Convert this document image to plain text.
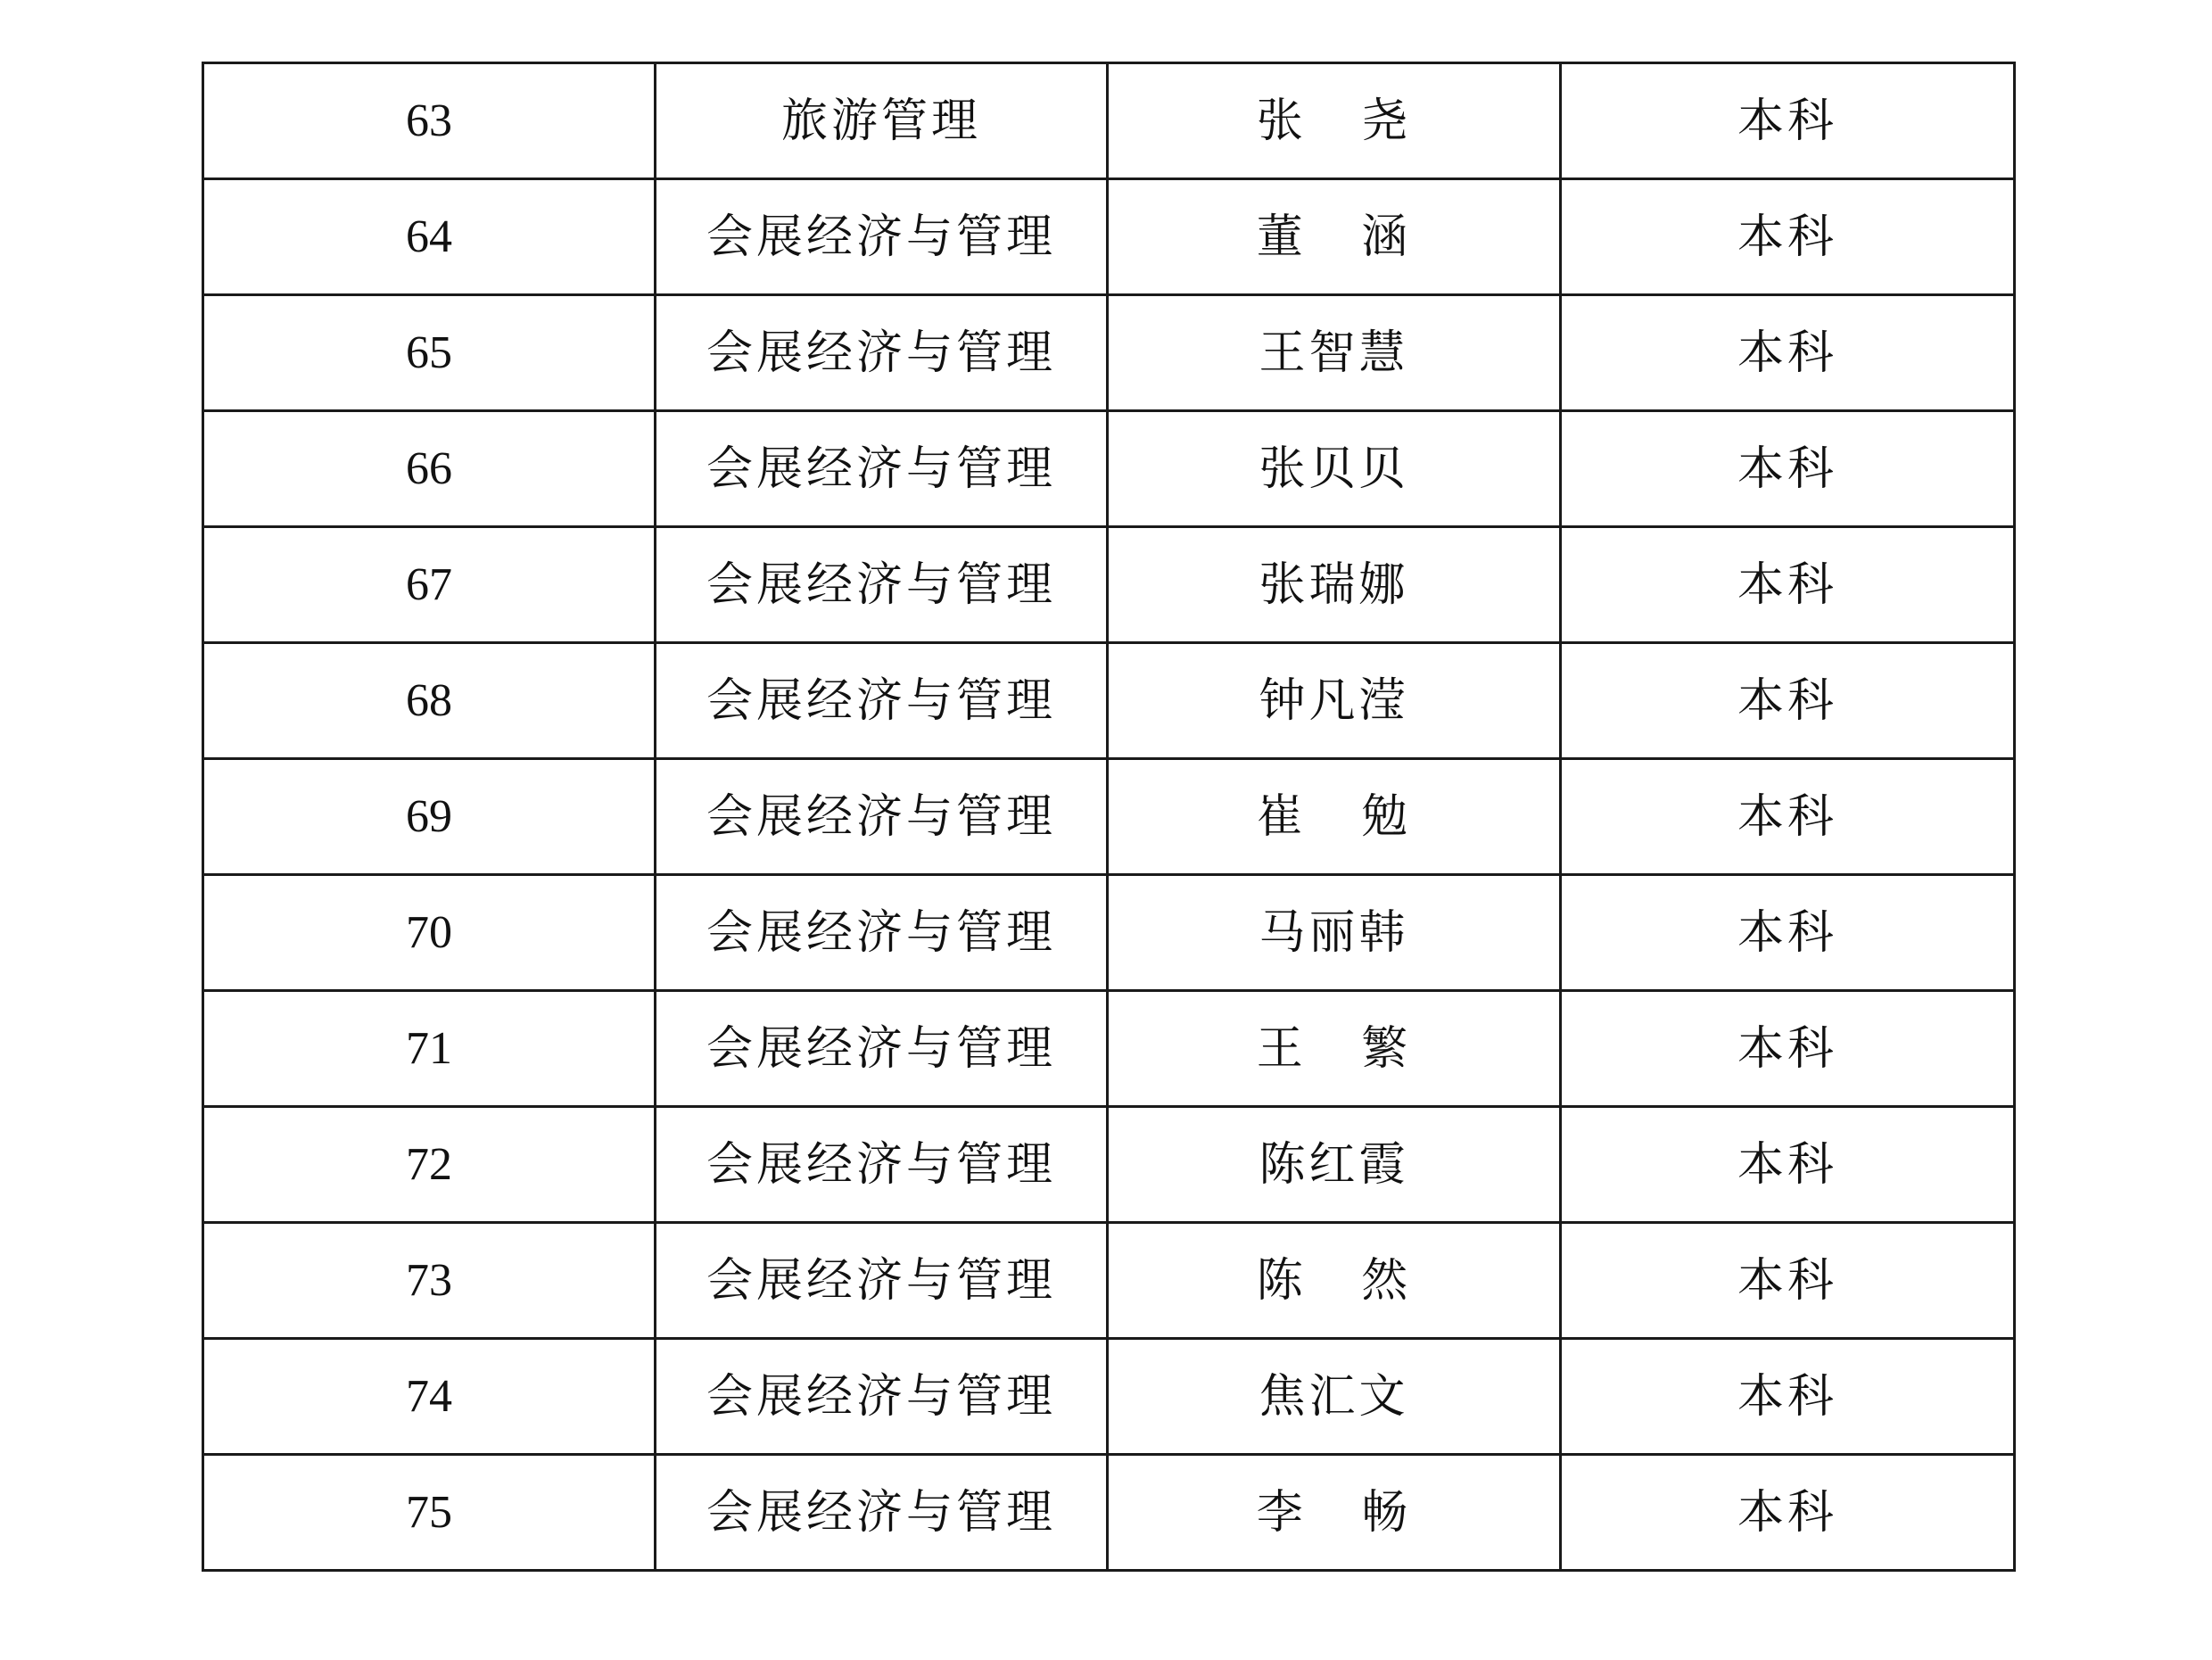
63	旅游管理	张   尧	本科
64	会展经济与管理	董   涵	本科
65	会展经济与管理	王智慧	本科
66	会展经济与管理	张贝贝	本科
67	会展经济与管理	张瑞娜	本科
68	会展经济与管理	钟凡滢	本科
69	会展经济与管理	崔   勉	本科
70	会展经济与管理	马丽韩	本科
71	会展经济与管理	王   繁	本科
72	会展经济与管理	陈红霞	本科
73	会展经济与管理	陈   然	本科
74	会展经济与管理	焦汇文	本科
75	会展经济与管理	李   畅	本科
